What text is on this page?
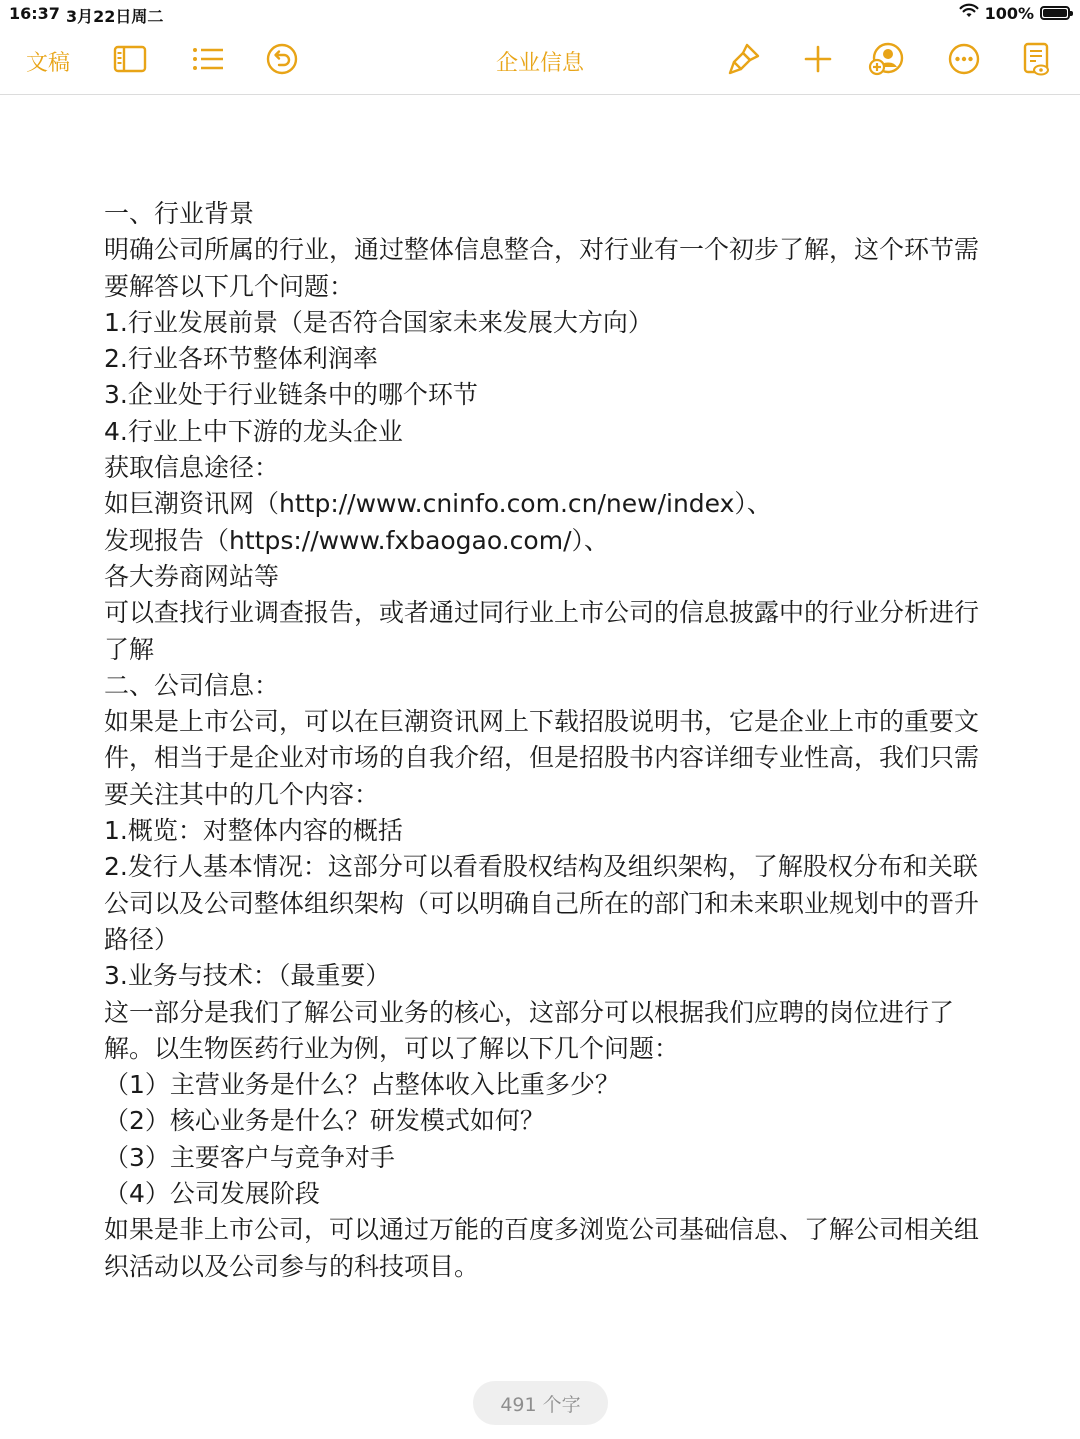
16:37 3月22日周二	100%
文稿	企业信息

一、行业背景

明确公司所属的行业，通过整体信息整合，对行业有一个初步了解，这个环节需要解答以下几个问题：

1.行业发展前景（是否符合国家未来发展大方向）

2.行业各环节整体利润率

3.企业处于行业链条中的哪个环节

4.行业上中下游的龙头企业

获取信息途径：

如巨潮资讯网（http://www.cninfo.com.cn/new/index）、

发现报告（https://www.fxbaogao.com/）、

各大券商网站等

可以查找行业调查报告，或者通过同行业上市公司的信息披露中的行业分析进行了解

二、公司信息：

如果是上市公司，可以在巨潮资讯网上下载招股说明书，它是企业上市的重要文件，相当于是企业对市场的自我介绍，但是招股书内容详细专业性高，我们只需要关注其中的几个内容：

1.概览：对整体内容的概括

2.发行人基本情况：这部分可以看看股权结构及组织架构，了解股权分布和关联公司以及公司整体组织架构（可以明确自己所在的部门和未来职业规划中的晋升路径）

3.业务与技术：（最重要）

这一部分是我们了解公司业务的核心，这部分可以根据我们应聘的岗位进行了解。以生物医药行业为例，可以了解以下几个问题：

（1）主营业务是什么？占整体收入比重多少？

（2）核心业务是什么？研发模式如何？

（3）主要客户与竞争对手

（4）公司发展阶段

如果是非上市公司，可以通过万能的百度多浏览公司基础信息、了解公司相关组织活动以及公司参与的科技项目。

491 个字
